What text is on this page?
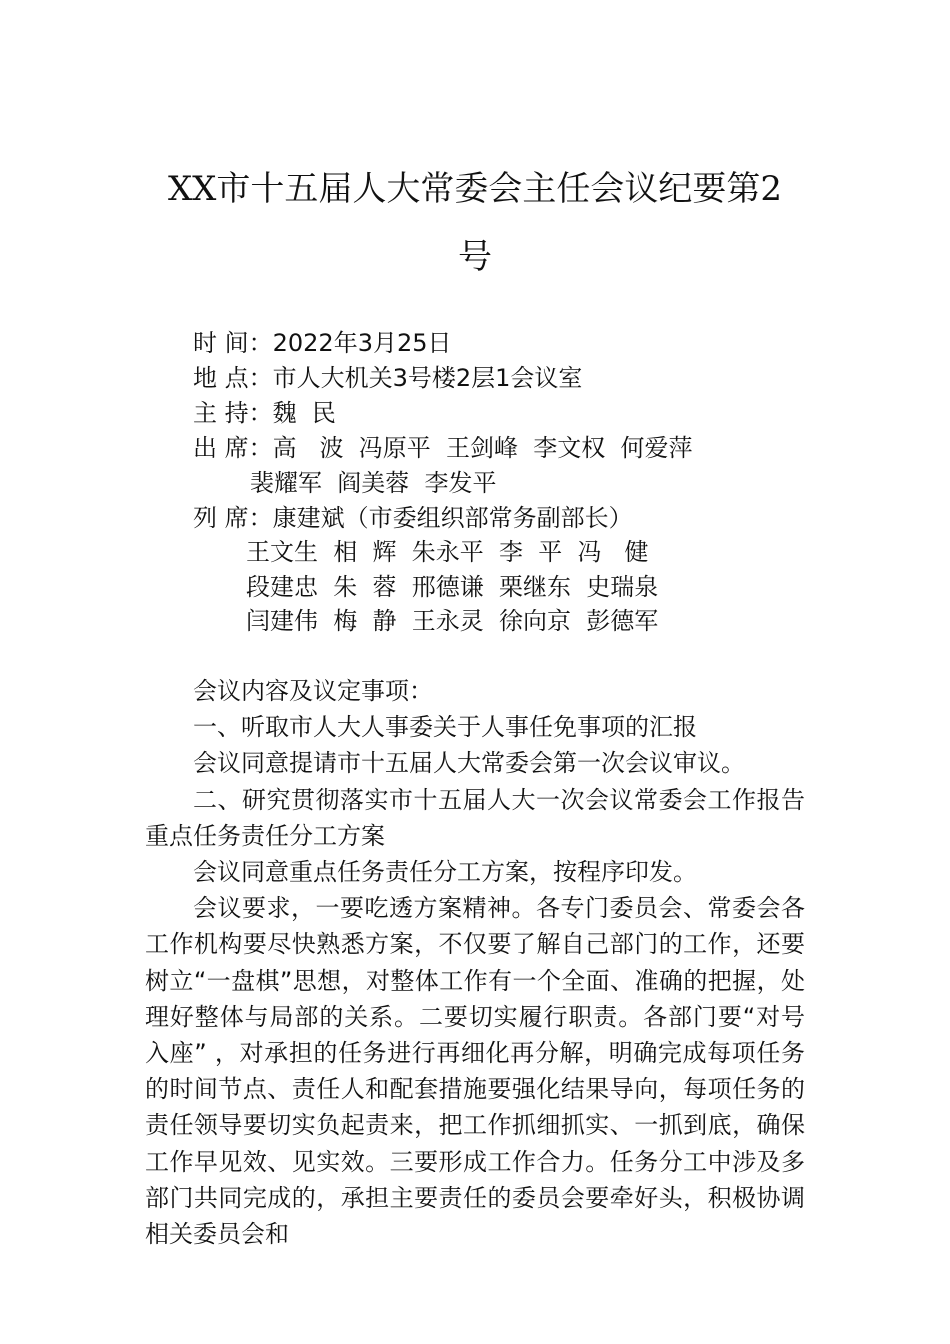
XX市十五届人大常委会主任会议纪要第2
号
时 间：2022年3月25日
地 点：市人大机关3号楼2层1会议室
主 持：魏  民
出 席：高   波  冯原平  王剑峰  李文权  何爱萍
裴耀军  阎美蓉  李发平
列 席：康建斌（市委组织部常务副部长）
王文生  相  辉  朱永平  李  平  冯   健
段建忠  朱  蓉  邢德谦  栗继东  史瑞泉
闫建伟  梅  静  王永灵  徐向京  彭德军

会议内容及议定事项：

一、听取市人大人事委关于人事任免事项的汇报

会议同意提请市十五届人大常委会第一次会议审议。

二、研究贯彻落实市十五届人大一次会议常委会工作报告重点任务责任分工方案

会议同意重点任务责任分工方案，按程序印发。

会议要求，一要吃透方案精神。各专门委员会、常委会各工作机构要尽快熟悉方案，不仅要了解自己部门的工作，还要树立“一盘棋”思想，对整体工作有一个全面、准确的把握，处理好整体与局部的关系。二要切实履行职责。各部门要“对号入座” ，对承担的任务进行再细化再分解，明确完成每项任务的时间节点、责任人和配套措施要强化结果导向，每项任务的责任领导要切实负起责来，把工作抓细抓实、一抓到底，确保工作早见效、见实效。三要形成工作合力。任务分工中涉及多部门共同完成的，承担主要责任的委员会要牵好头，积极协调相关委员会和
